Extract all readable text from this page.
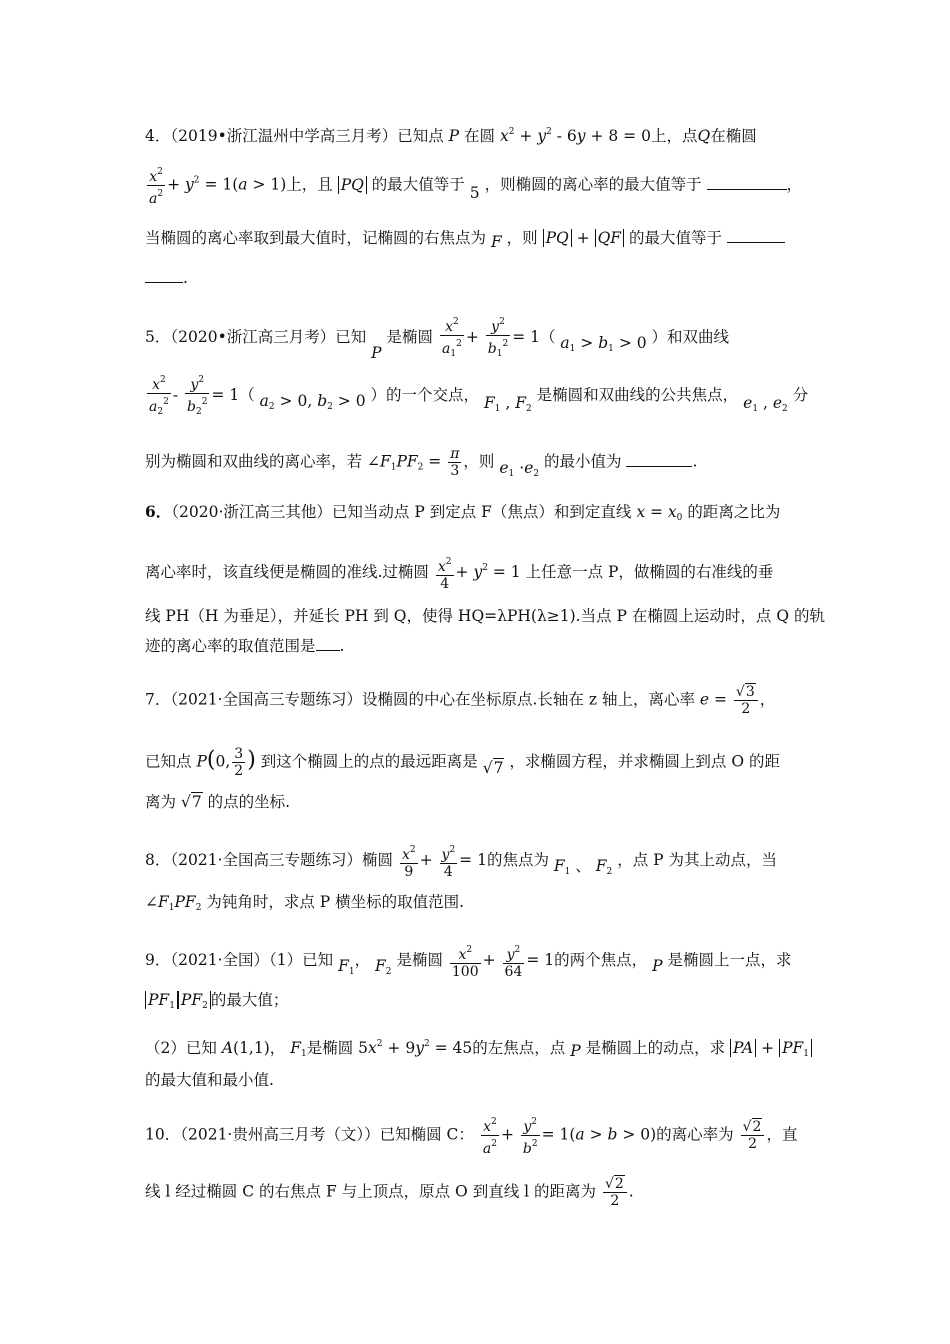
4．（2019•浙江温州中学高三月考）已知点 P 在圆 $x^2 + y^2 - 6y + 8 = 0$上，点Q在椭圆
$\frac{x^2}{a^2} + y^2 = 1(a > 1)$上，且 PQ 的最大值等于 5 ，则椭圆的离心率的最大值等于	，
当椭圆的离心率取到最大值时，记椭圆的右焦点为 F ，则 PQ + QF 的最大值等于
.
5．（2020•浙江高三月考）已知 P 是椭圆 $\frac{x^2}{a_1^2} + \frac{y^2}{b_1^2} = 1$（ $a_1 > b_1 > 0$ ）和双曲线
$\frac{x^2}{a_2^2} - \frac{y^2}{b_2^2} = 1$（ $a_2 > 0$, $b_2 > 0$ ）的一个交点， $F_1$ , $F_2$ 是椭圆和双曲线的公共焦点， $e_1$ , $e_2$ 分
别为椭圆和双曲线的离心率，若 $\angle F_1PF_2 = \frac{\pi}{3}$ ，则 $e_1 \cdot e_2$ 的最小值为	.
6．（2020·浙江高三其他）已知当动点 P 到定点 F（焦点）和到定直线 $x = x_0$ 的距离之比为
离心率时，该直线便是椭圆的准线.过椭圆 $\frac{x^2}{4} + y^2 = 1$ 上任意一点 P，做椭圆的右准线的垂
线 PH（H 为垂足），并延长 PH 到 Q，使得 HQ=λPH(λ≥1).当点 P 在椭圆上运动时，点 Q 的轨
迹的离心率的取值范围是 .
7．（2021·全国高三专题练习）设椭圆的中心在坐标原点.长轴在 z 轴上，离心率 $e = \frac{√3}{2}$ ，
已知点 P(0, $\frac{3}{2}$ ) 到这个椭圆上的点的最远距离是 √7 ，求椭圆方程，并求椭圆上到点 O 的距
离为 √7 的点的坐标.
8．（2021·全国高三专题练习）椭圆 $\frac{x^2}{9} + \frac{y^2}{4} = 1$的焦点为 $F_1$ 、 $F_2$ ，点 P 为其上动点，当
$\angle F_1PF_2$ 为钝角时，求点 P 横坐标的取值范围.
9．（2021·全国）（1）已知 $F_1$， $F_2$ 是椭圆 $\frac{x^2}{100} + \frac{y^2}{64} = 1$的两个焦点， P 是椭圆上一点，求
$PF_1$ $PF_2$ 的最大值；
（2）已知 A(1,1)， $F_1$是椭圆 $5x^2 + 9y^2 = 45$的左焦点，点 P 是椭圆上的动点，求 PA + $PF_1$
的最大值和最小值.
10．（2021·贵州高三月考（文））已知椭圆 C： $\frac{x^2}{a^2} + \frac{y^2}{b^2} = 1(a > b > 0)$的离心率为 $\frac{√2}{2}$ ，直
线 l 经过椭圆 C 的右焦点 F 与上顶点，原点 O 到直线 l 的距离为 $\frac{√2}{2}$ .
